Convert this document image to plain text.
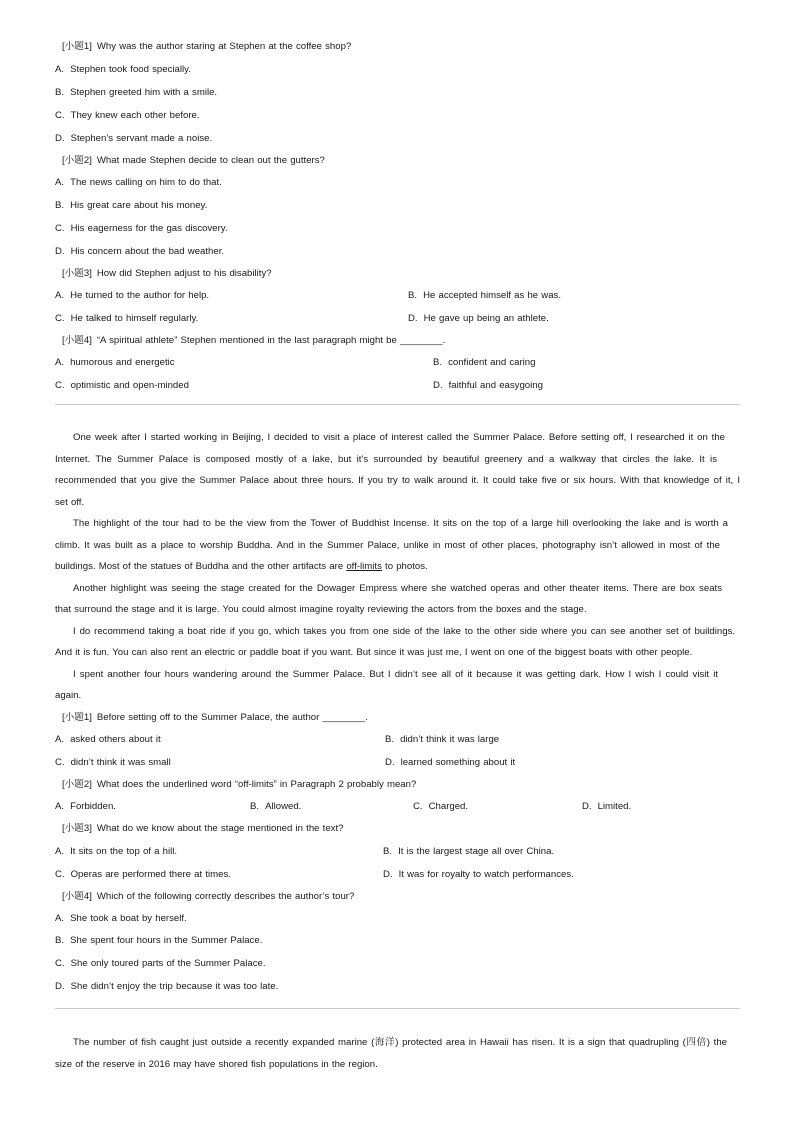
[小题1] Why was the author staring at Stephen at the coffee shop?
A. Stephen took food specially.
B. Stephen greeted him with a smile.
C. They knew each other before.
D. Stephen’s servant made a noise.
[小题2] What made Stephen decide to clean out the gutters?
A. The news calling on him to do that.
B. His great care about his money.
C. His eagerness for the gas discovery.
D. His concern about the bad weather.
[小题3] How did Stephen adjust to his disability?
A. He turned to the author for help.	B. He accepted himself as he was.
C. He talked to himself regularly.	D. He gave up being an athlete.
[小题4] “A spiritual athlete” Stephen mentioned in the last paragraph might be ________.
A. humorous and energetic	B. confident and caring
C. optimistic and open-minded	D. faithful and easygoing
One week after I started working in Beijing, I decided to visit a place of interest called the Summer Palace. Before setting off, I researched it on the
Internet. The Summer Palace is composed mostly of a lake, but it’s surrounded by beautiful greenery and a walkway that circles the lake. It is
recommended that you give the Summer Palace about three hours. If you try to walk around it. It could take five or six hours. With that knowledge of it, I
set off.
The highlight of the tour had to be the view from the Tower of Buddhist Incense. It sits on the top of a large hill overlooking the lake and is worth a
climb. It was built as a place to worship Buddha. And in the Summer Palace, unlike in most of other places, photography isn’t allowed in most of the
buildings. Most of the statues of Buddha and the other artifacts are off-limits to photos.
Another highlight was seeing the stage created for the Dowager Empress where she watched operas and other theater items. There are box seats
that surround the stage and it is large. You could almost imagine royalty reviewing the actors from the boxes and the stage.
I do recommend taking a boat ride if you go, which takes you from one side of the lake to the other side where you can see another set of buildings.
And it is fun. You can also rent an electric or paddle boat if you want. But since it was just me, I went on one of the biggest boats with other people.
I spent another four hours wandering around the Summer Palace. But I didn’t see all of it because it was getting dark. How I wish I could visit it
again.
[小题1] Before setting off to the Summer Palace, the author ________.
A. asked others about it	B. didn’t think it was large
C. didn’t think it was small	D. learned something about it
[小题2] What does the underlined word “off-limits” in Paragraph 2 probably mean?
A. Forbidden.	B. Allowed.	C. Charged.	D. Limited.
[小题3] What do we know about the stage mentioned in the text?
A. It sits on the top of a hill.	B. It is the largest stage all over China.
C. Operas are performed there at times.	D. It was for royalty to watch performances.
[小题4] Which of the following correctly describes the author’s tour?
A. She took a boat by herself.
B. She spent four hours in the Summer Palace.
C. She only toured parts of the Summer Palace.
D. She didn’t enjoy the trip because it was too late.
The number of fish caught just outside a recently expanded marine (海洋) protected area in Hawaii has risen. It is a sign that quadrupling (四倍) the
size of the reserve in 2016 may have shored fish populations in the region.
